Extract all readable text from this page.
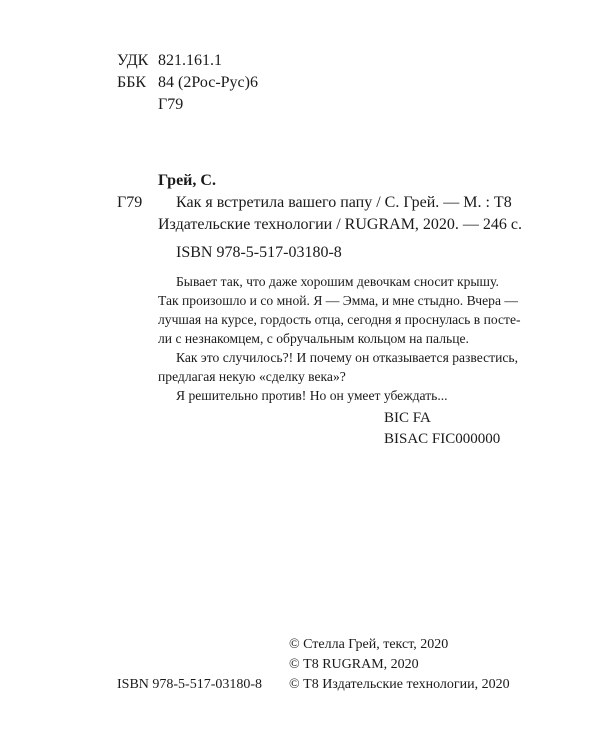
УДК 821.161.1
ББК 84 (2Рос-Рус)6
Г79
Грей, С.
Г79 Как я встретила вашего папу / С. Грей. — М. : Т8
Издательские технологии / RUGRAM, 2020. — 246 с.
ISBN 978-5-517-03180-8
Бывает так, что даже хорошим девочкам сносит крышу.
Так произошло и со мной. Я — Эмма, и мне стыдно. Вчера —
лучшая на курсе, гордость отца, сегодня я проснулась в посте-
ли с незнакомцем, с обручальным кольцом на пальце.
Как это случилось?! И почему он отказывается развестись,
предлагая некую «сделку века»?
Я решительно против! Но он умеет убеждать...
BIC FA
BISAC FIC000000
ISBN 978-5-517-03180-8
© Стелла Грей, текст, 2020
© Т8 RUGRAM, 2020
© Т8 Издательские технологии, 2020
